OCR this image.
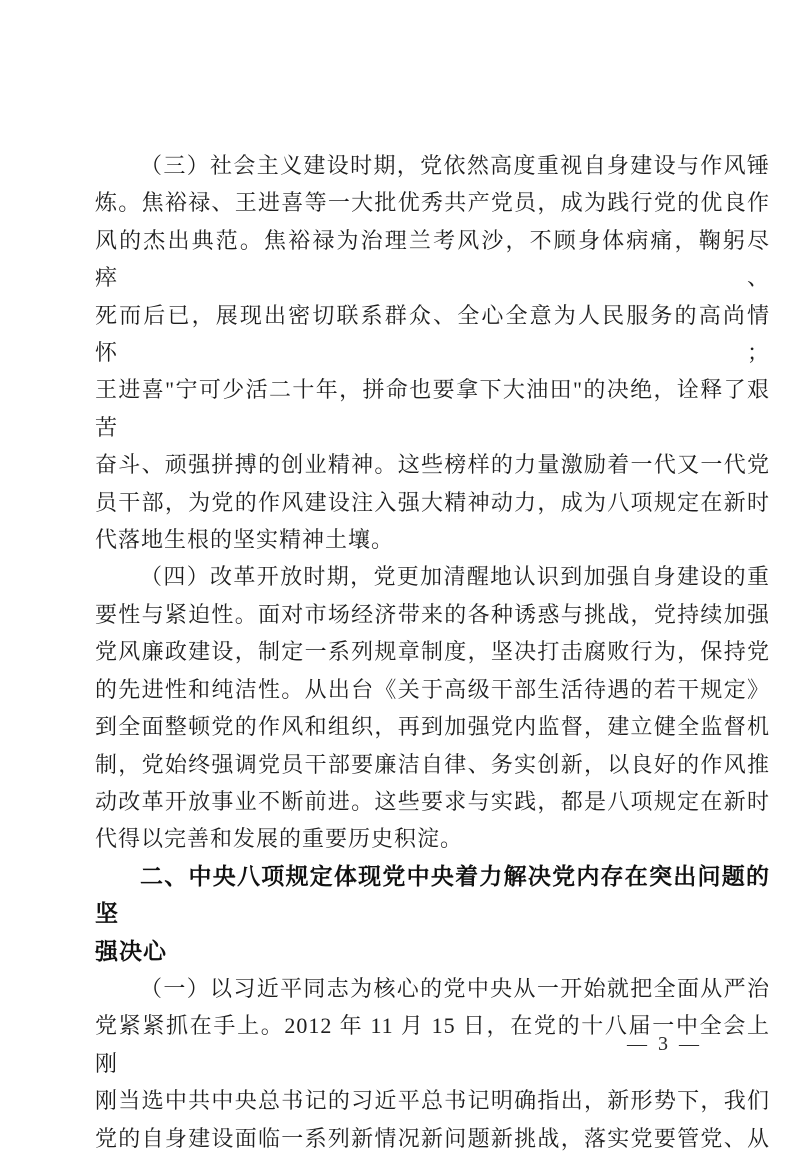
（三）社会主义建设时期，党依然高度重视自身建设与作风锤
炼。焦裕禄、王进喜等一大批优秀共产党员，成为践行党的优良作
风的杰出典范。焦裕禄为治理兰考风沙，不顾身体病痛，鞠躬尽瘁、
死而后已，展现出密切联系群众、全心全意为人民服务的高尚情怀；
王进喜"宁可少活二十年，拼命也要拿下大油田"的决绝，诠释了艰苦
奋斗、顽强拼搏的创业精神。这些榜样的力量激励着一代又一代党
员干部，为党的作风建设注入强大精神动力，成为八项规定在新时
代落地生根的坚实精神土壤。
（四）改革开放时期，党更加清醒地认识到加强自身建设的重
要性与紧迫性。面对市场经济带来的各种诱惑与挑战，党持续加强
党风廉政建设，制定一系列规章制度，坚决打击腐败行为，保持党
的先进性和纯洁性。从出台《关于高级干部生活待遇的若干规定》
到全面整顿党的作风和组织，再到加强党内监督，建立健全监督机
制，党始终强调党员干部要廉洁自律、务实创新，以良好的作风推
动改革开放事业不断前进。这些要求与实践，都是八项规定在新时
代得以完善和发展的重要历史积淀。
二、中央八项规定体现党中央着力解决党内存在突出问题的坚
强决心
（一）以习近平同志为核心的党中央从一开始就把全面从严治
党紧紧抓在手上。2012 年 11 月 15 日，在党的十八届一中全会上刚
刚当选中共中央总书记的习近平总书记明确指出，新形势下，我们
党的自身建设面临一系列新情况新问题新挑战，落实党要管党、从
— 3 —
